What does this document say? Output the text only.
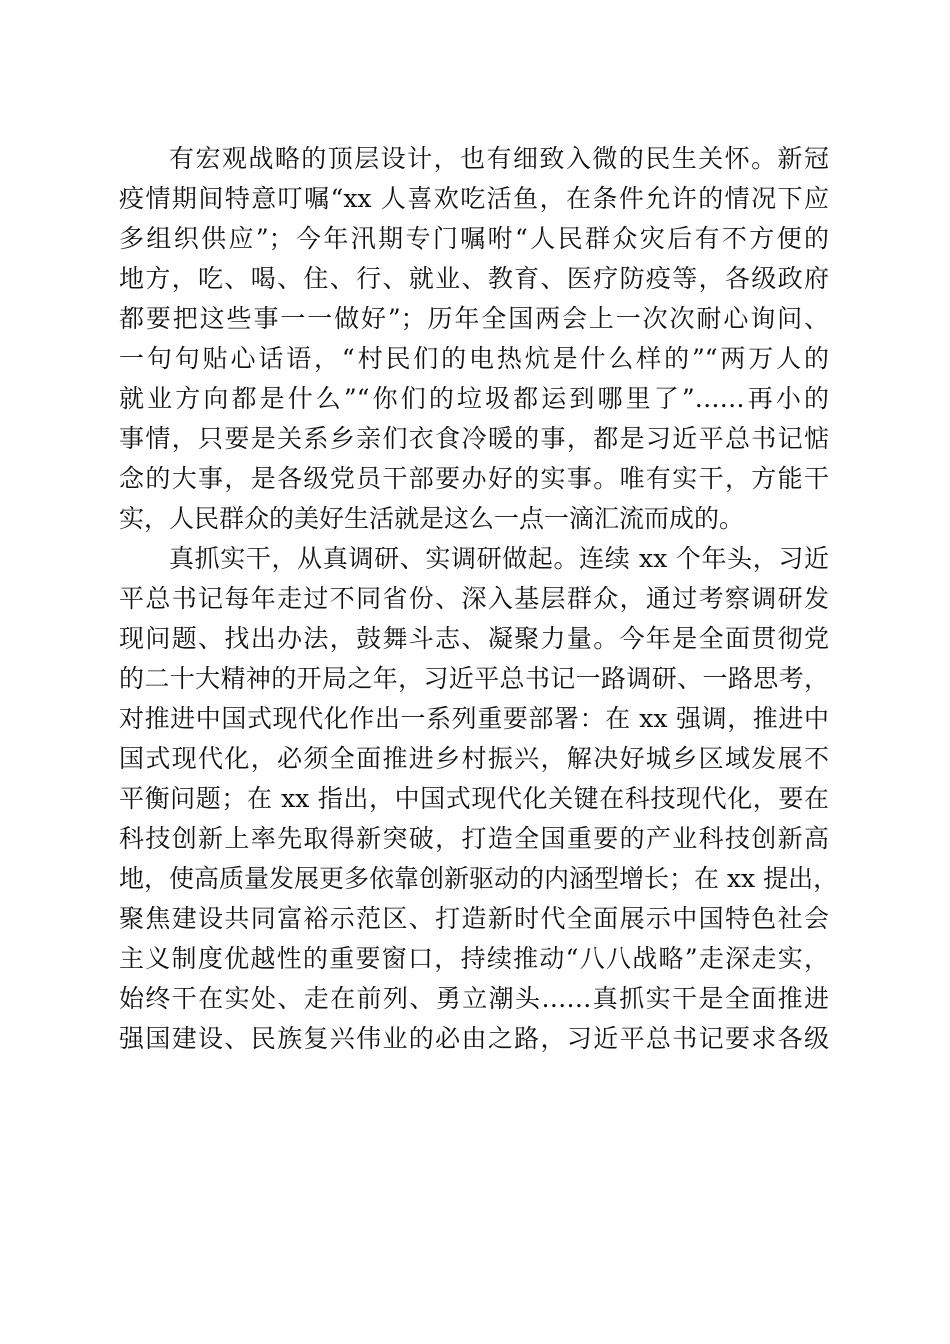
有宏观战略的顶层设计，也有细致入微的民生关怀。新冠
疫情期间特意叮嘱“xx 人喜欢吃活鱼，在条件允许的情况下应
多组织供应”；今年汛期专门嘱咐“人民群众灾后有不方便的
地方，吃、喝、住、行、就业、教育、医疗防疫等，各级政府
都要把这些事一一做好”；历年全国两会上一次次耐心询问、
一句句贴心话语，“村民们的电热炕是什么样的”“两万人的
就业方向都是什么”“你们的垃圾都运到哪里了”……再小的
事情，只要是关系乡亲们衣食冷暖的事，都是习近平总书记惦
念的大事，是各级党员干部要办好的实事。唯有实干，方能干
实，人民群众的美好生活就是这么一点一滴汇流而成的。
真抓实干，从真调研、实调研做起。连续 xx 个年头，习近
平总书记每年走过不同省份、深入基层群众，通过考察调研发
现问题、找出办法，鼓舞斗志、凝聚力量。今年是全面贯彻党
的二十大精神的开局之年，习近平总书记一路调研、一路思考，
对推进中国式现代化作出一系列重要部署：在 xx 强调，推进中
国式现代化，必须全面推进乡村振兴，解决好城乡区域发展不
平衡问题；在 xx 指出，中国式现代化关键在科技现代化，要在
科技创新上率先取得新突破，打造全国重要的产业科技创新高
地，使高质量发展更多依靠创新驱动的内涵型增长；在 xx 提出，
聚焦建设共同富裕示范区、打造新时代全面展示中国特色社会
主义制度优越性的重要窗口，持续推动“八八战略”走深走实，
始终干在实处、走在前列、勇立潮头……真抓实干是全面推进
强国建设、民族复兴伟业的必由之路，习近平总书记要求各级
